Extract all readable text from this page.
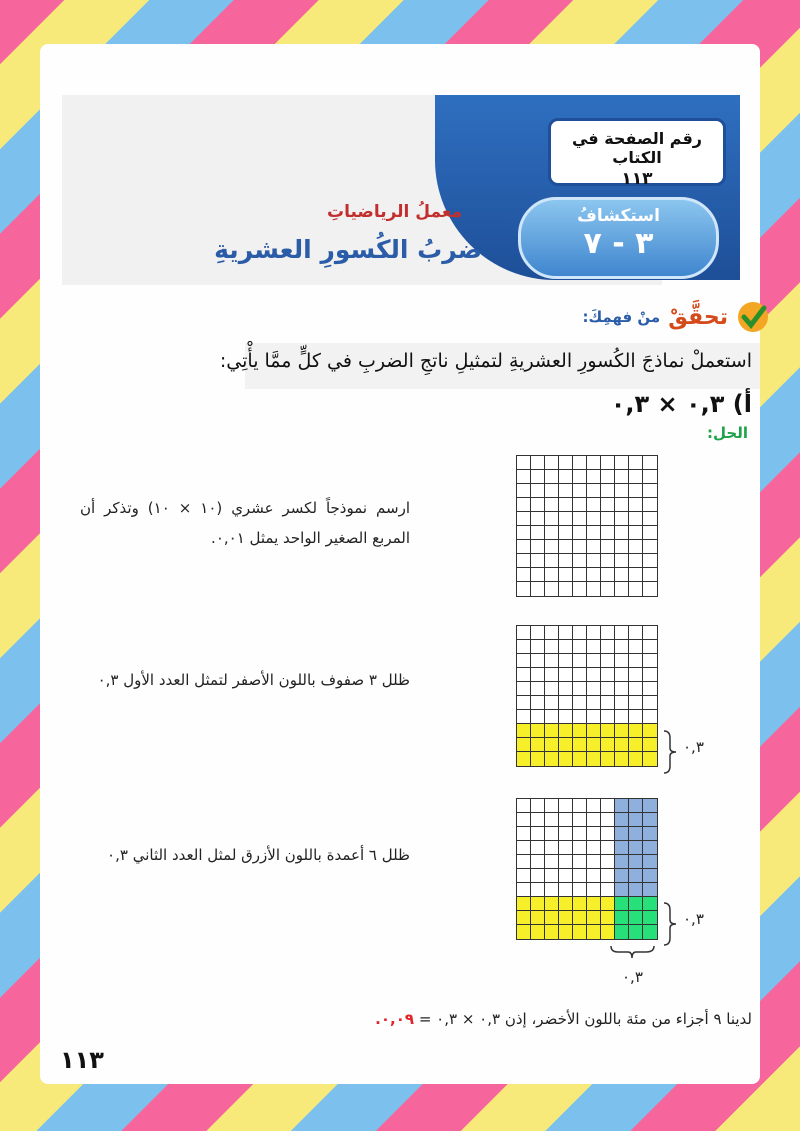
رقم الصفحة في الكتاب
١١٣
استكشافُ
٣ - ٧
معملُ الرياضياتِ
ضربُ الكُسورِ العشريةِ
تحقَّقْ
منْ فهمِكَ:
استعملْ نماذجَ الكُسورِ العشريةِ لتمثيلِ ناتجِ الضربِ في كلٍّ ممَّا يأْتِي:
أ) ٠,٣ × ٠,٣
الحل:
ارسم نموذجاً لكسر عشري (١٠ × ١٠) وتذكر أن المربع الصغير الواحد يمثل ٠,٠١.
ظلل ٣ صفوف باللون الأصفر لتمثل العدد الأول ٠,٣
ظلل ٦ أعمدة باللون الأزرق لمثل العدد الثاني ٠,٣
٠,٣
٠,٣
٠,٣
لدينا ٩ أجزاء من مئة باللون الأخضر، إذن ٠,٣ × ٠,٣ = ٠,٠٩.
١١٣
